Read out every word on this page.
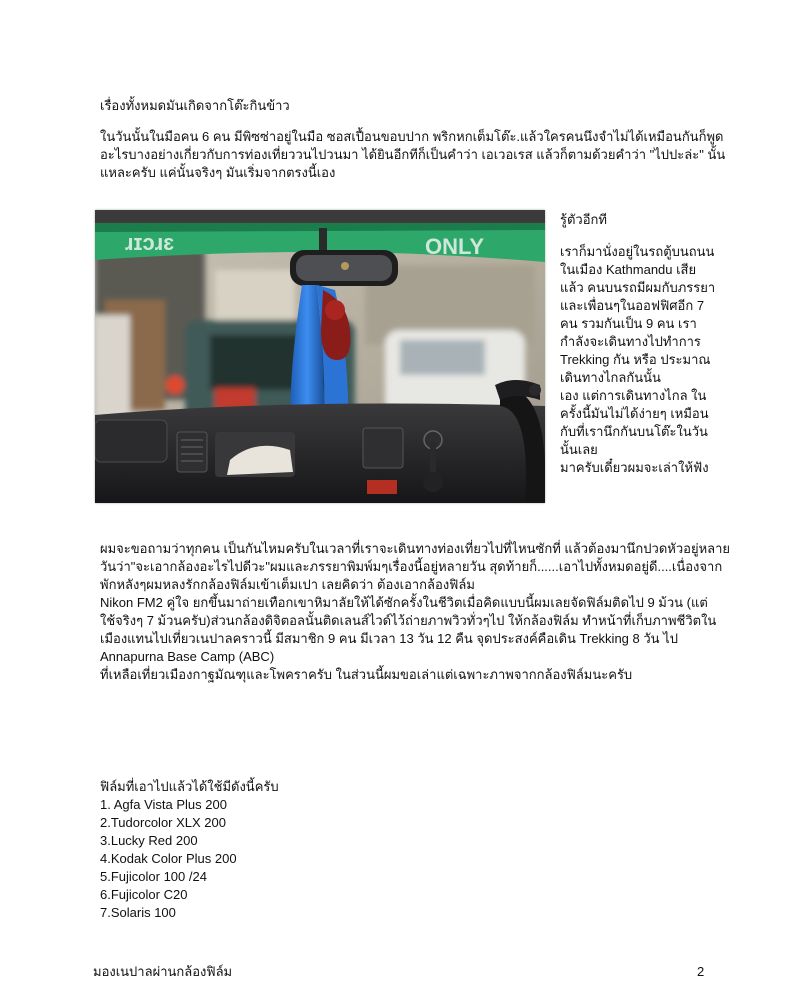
เรื่องทั้งหมดมันเกิดจากโต๊ะกินข้าว
ในวันนั้นในมือคน 6 คน มีพิซซ่าอยู่ในมือ ซอสเปื้อนขอบปาก พริกหกเต็มโต๊ะ.แล้วใครคนนึงจำไม่ได้เหมือนกันก็พูด
อะไรบางอย่างเกี่ยวกับการท่องเที่ยววนไปวนมา ได้ยินอีกทีก็เป็นคำว่า เอเวอเรส แล้วก็ตามด้วยคำว่า "ไปปะล่ะ" นั้น
แหละครับ แค่นั้นจริงๆ มันเริ่มจากตรงนี้เอง
ɹɪɔɹɛ	ONLY
รู้ตัวอีกที
เราก็มานั่งอยู่ในรถตู้บนถนน
ในเมือง Kathmandu เสีย
แล้ว คนบนรถมีผมกับภรรยา
และเพื่อนๆในออฟฟิศอีก 7
คน รวมกันเป็น 9 คน เรา
กำลังจะเดินทางไปทำการ
Trekking กัน หรือ ประมาณ
เดินทางไกลกันนั้น
เอง แต่การเดินทางไกล ใน
ครั้งนี้มันไม่ได้ง่ายๆ เหมือน
กับที่เรานึกกันบนโต๊ะในวัน
นั้นเลย
มาครับเดี๋ยวผมจะเล่าให้ฟัง
ผมจะขอถามว่าทุกคน เป็นกันไหมครับในเวลาที่เราจะเดินทางท่องเที่ยวไปที่ไหนซักที่ แล้วต้องมานึกปวดหัวอยู่หลาย
วันว่า"จะเอากล้องอะไรไปดีวะ"ผมและภรรยาพิมพ์มๆเรื่องนี้อยู่หลายวัน สุดท้ายก็......เอาไปทั้งหมดอยู่ดี....เนื่องจาก
พักหลังๆผมหลงรักกล้องฟิล์มเข้าเต็มเปา เลยคิดว่า ต้องเอากล้องฟิล์ม
Nikon FM2 คู่ใจ ยกขึ้นมาถ่ายเทือกเขาหิมาลัยให้ได้ซักครั้งในชีวิตเมื่อคิดแบบนี้ผมเลยจัดฟิล์มติดไป 9 ม้วน (แต่
ใช้จริงๆ 7 ม้วนครับ)ส่วนกล้องดิจิตอลนั้นติดเลนส์ไวด์ไว้ถ่ายภาพวิวทั่วๆไป ให้กล้องฟิล์ม ทำหน้าที่เก็บภาพชีวิตใน
เมืองแทนไปเที่ยวเนปาลคราวนี้ มีสมาชิก 9 คน มีเวลา 13 วัน 12 คืน จุดประสงค์คือเดิน Trekking 8 วัน ไป
Annapurna Base Camp (ABC)
ที่เหลือเที่ยวเมืองกาฐมัณฑุและโพคราครับ ในส่วนนี้ผมขอเล่าแต่เฉพาะภาพจากกล้องฟิล์มนะครับ
ฟิล์มที่เอาไปแล้วได้ใช้มีดังนี้ครับ
1. Agfa Vista Plus 200
2.Tudorcolor XLX 200
3.Lucky Red 200
4.Kodak Color Plus 200
5.Fujicolor 100 /24
6.Fujicolor C20
7.Solaris 100
มองเนปาลผ่านกล้องฟิล์ม	2
